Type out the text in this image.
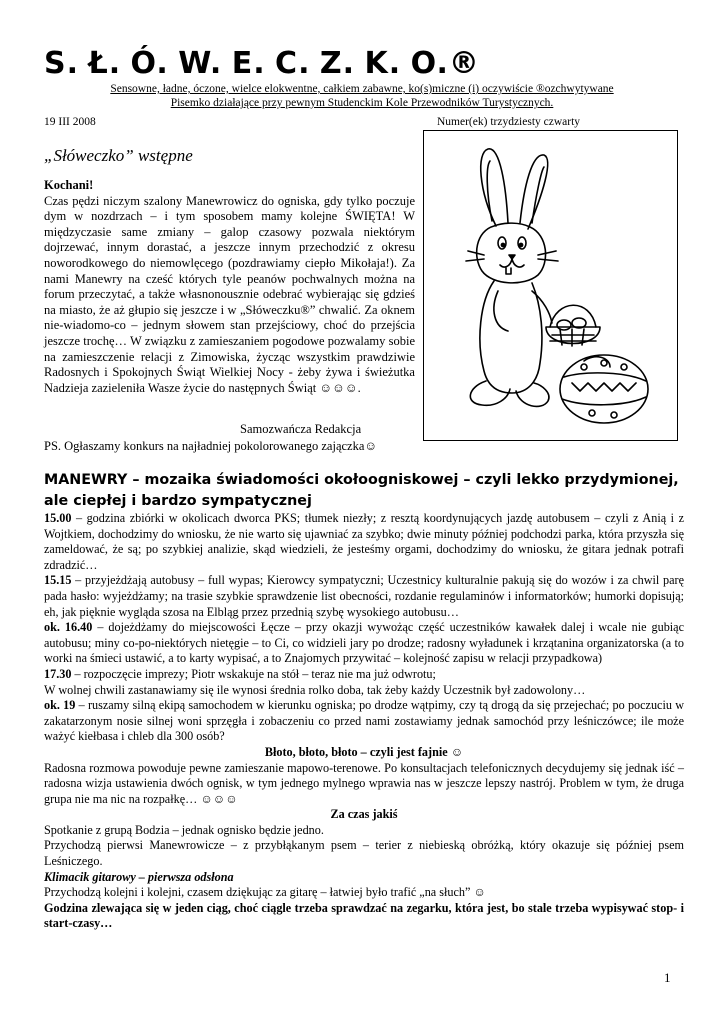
S. Ł. Ó. W. E. C. Z. K. O.®
Sensowne, ładne, óczone, wielce elokwentne, całkiem zabawne, ko(s)miczne (i) oczywiście ®ozchwytywane
Pisemko działające przy pewnym Studenckim Kole Przewodników Turystycznych.
19 III 2008	Numer(ek) trzydziesty czwarty
„Słóweczko” wstępne

Kochani!

Czas pędzi niczym szalony Manewrowicz do ogniska, gdy tylko poczuje dym w nozdrzach – i tym sposobem mamy kolejne ŚWIĘTA! W międzyczasie same zmiany – galop czasowy pozwala niektórym dojrzewać, innym dorastać, a jeszcze innym przechodzić z okresu noworodkowego do niemowlęcego (pozdrawiamy ciepło Mikołaja!). Za nami Manewry na cześć których tyle peanów pochwalnych można na forum przeczytać, a także własnonousznie odebrać wybierając się gdzieś na miasto, że aż głupio się jeszcze i w „Słóweczku®” chwalić. Za oknem nie-wiadomo-co – jednym słowem stan przejściowy, choć do przejścia jeszcze trochę… W związku z zamieszaniem pogodowe pozwalamy sobie na zamieszczenie relacji z Zimowiska, życząc wszystkim prawdziwie Radosnych i Spokojnych Świąt Wielkiej Nocy - żeby żywa i świeżutka Nadzieja zazieleniła Wasze życie do następnych Świąt ☺☺☺.

Samozwańcza Redakcja
PS. Ogłaszamy konkurs na najładniej pokolorowanego zajączka☺
MANEWRY – mozaika świadomości okołoogniskowej – czyli lekko przydymionej, ale ciepłej i bardzo sympatycznej

15.00 – godzina zbiórki w okolicach dworca PKS; tłumek niezły; z resztą koordynujących jazdę autobusem – czyli z Anią i z Wojtkiem, dochodzimy do wniosku, że nie warto się ujawniać za szybko; dwie minuty później podchodzi parka, która przyszła się zameldować, że są; po szybkiej analizie, skąd wiedzieli, że jesteśmy orgami, dochodzimy do wniosku, że gitara jednak potrafi zdradzić…

15.15 – przyjeżdżają autobusy – full wypas; Kierowcy sympatyczni; Uczestnicy kulturalnie pakują się do wozów i za chwil parę pada hasło: wyjeżdżamy; na trasie szybkie sprawdzenie list obecności, rozdanie regulaminów i informatorków; humorki dopisują; eh, jak pięknie wygląda szosa na Elbląg przez przednią szybę wysokiego autobusu…

ok. 16.40 – dojeżdżamy do miejscowości Łęcze – przy okazji wywożąc część uczestników kawałek dalej i wcale nie gubiąc autobusu; miny co-po-niektórych nietęgie – to Ci, co widzieli jary po drodze; radosny wyładunek i krzątanina organizatorska (a to worki na śmieci ustawić, a to karty wypisać, a to Znajomych przywitać – kolejność zapisu w relacji przypadkowa)

17.30 – rozpoczęcie imprezy; Piotr wskakuje na stół – teraz nie ma już odwrotu;

W wolnej chwili zastanawiamy się ile wynosi średnia rolko doba, tak żeby każdy Uczestnik był zadowolony…

ok. 19 – ruszamy silną ekipą samochodem w kierunku ogniska; po drodze wątpimy, czy tą drogą da się przejechać; po poczuciu w zakatarzonym nosie silnej woni sprzęgła i zobaczeniu co przed nami zostawiamy jednak samochód przy leśniczówce; ile może ważyć kiełbasa i chleb dla 300 osób?

Błoto, błoto, błoto – czyli jest fajnie ☺

Radosna rozmowa powoduje pewne zamieszanie mapowo-terenowe. Po konsultacjach telefonicznych decydujemy się jednak iść – radosna wizja ustawienia dwóch ognisk, w tym jednego mylnego wprawia nas w jeszcze lepszy nastrój. Problem w tym, że druga grupa nie ma nic na rozpałkę… ☺☺☺

Za czas jakiś

Spotkanie z grupą Bodzia – jednak ognisko będzie jedno.

Przychodzą pierwsi Manewrowicze – z przybłąkanym psem – terier z niebieską obróżką, który okazuje się później psem Leśniczego.

Klimacik gitarowy – pierwsza odsłona

Przychodzą kolejni i kolejni, czasem dziękując za gitarę – łatwiej było trafić „na słuch” ☺

Godzina zlewająca się w jeden ciąg, choć ciągle trzeba sprawdzać na zegarku, która jest, bo stale trzeba wypisywać stop- i start-czasy…

1
